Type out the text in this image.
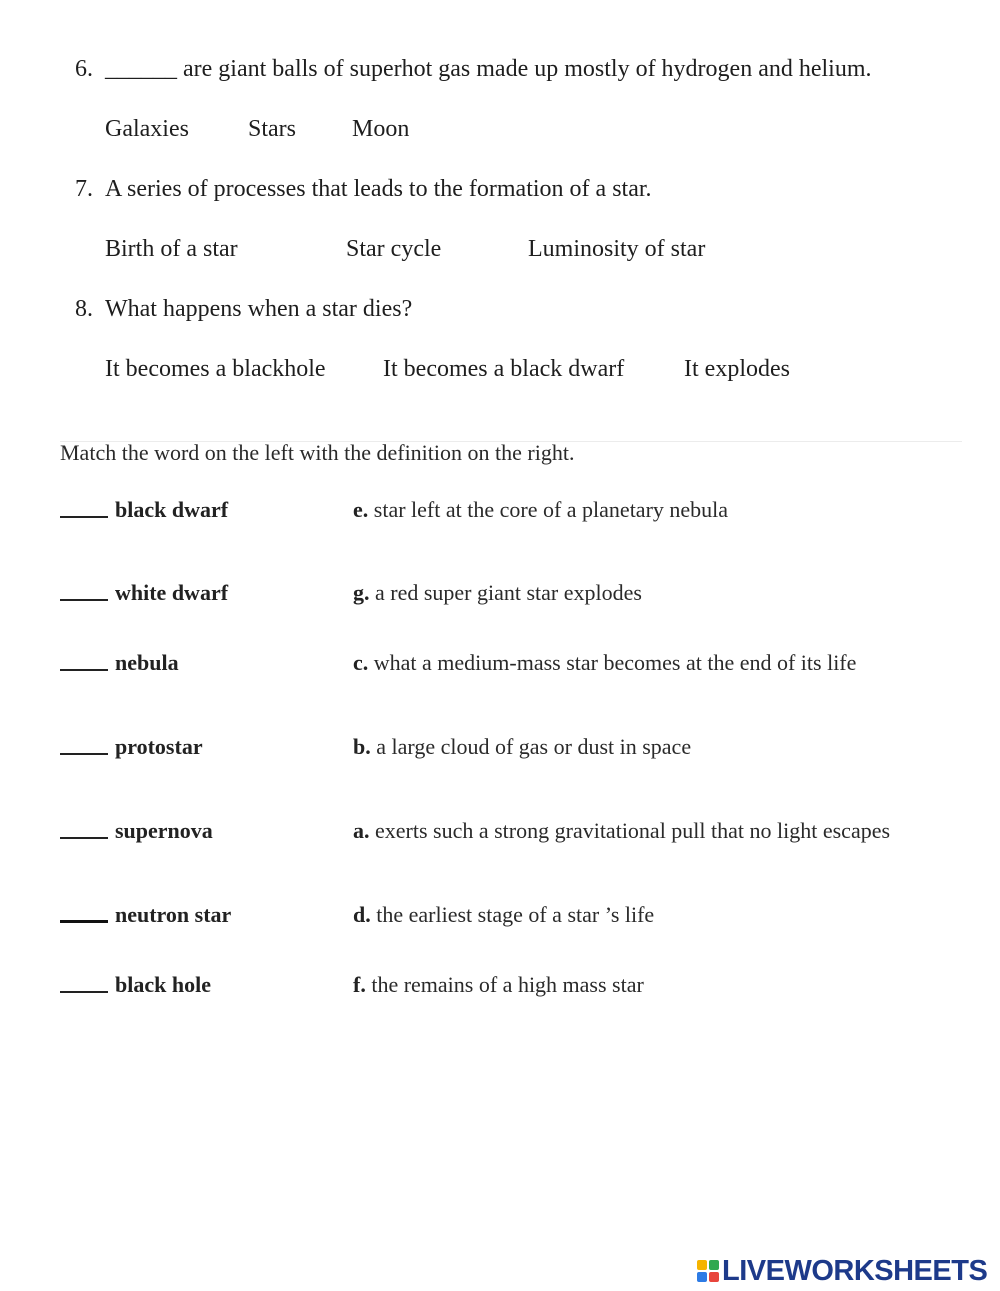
6. ______ are giant balls of superhot gas made up mostly of hydrogen and helium.
Galaxies Stars Moon
7. A series of processes that leads to the formation of a star.
Birth of a star	Star cycle	Luminosity of star
8. What happens when a star dies?
It becomes a blackhole It becomes a black dwarf It explodes
Match the word on the left with the definition on the right.
black dwarf	e. star left at the core of a planetary nebula
white dwarf	g. a red super giant star explodes
nebula	c. what a medium-mass star becomes at the end of its life
protostar	b. a large cloud of gas or dust in space
supernova	a. exerts such a strong gravitational pull that no light escapes
neutron star	d. the earliest stage of a star ’s life
black hole	f. the remains of a high mass star
LIVEWORKSHEETS
